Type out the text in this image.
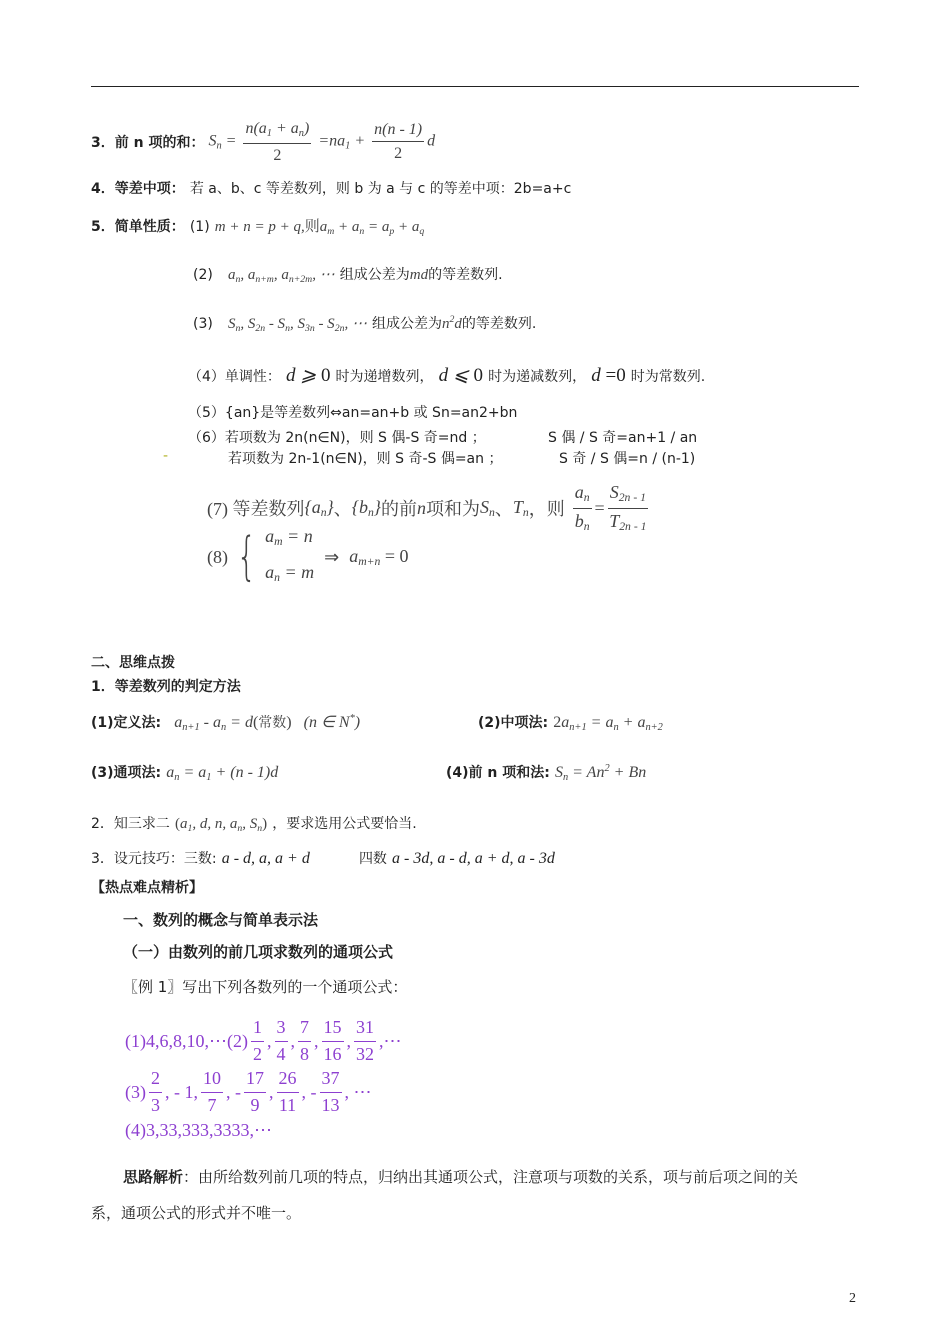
3．前 n 项的和： $S_n = \frac{n(a_1 + a_n)}{2} =na_1 + \frac{n(n - 1)}{2}$ d
4．等差中项： 若 a、b、c 等差数列，则 b 为 a 与 c 的等差中项：2b=a+c
5．简单性质： (1) m + n = p + q,则$a_m + a_n = a_p + a_q$
(2) $a_n$, $a_{n+m}$, $a_{n+2m}$, ⋯ 组成公差为md的等差数列.
(3) $S_n$, $S_{2n} - S_n$, $S_{3n} - S_{2n}$, ⋯ 组成公差为$n^2d$的等差数列.
（4）单调性： d ⩾ 0 时为递增数列， d ⩽ 0 时为递减数列， d =0 时为常数列.
（5）{an}是等差数列⇔an=an+b 或 Sn=an2+bn
（6）若项数为 2n(n∈N)，则 S 偶-S 奇=nd ；	S 偶 / S 奇=an+1 / an
-	若项数为 2n-1(n∈N)，则 S 奇-S 偶=an ；	S 奇 / S 偶=n / (n-1)
(7) 等差数列 $\{a_n\}$ 、 $\{b_n\}$ 的前 n 项和为 $S_n$ 、 $T_n$ ，则 $\frac{a_n}{b_n} = \frac{S_{2n - 1}}{T_{2n - 1}}$
(8) { $a_m = n$
$a_n = m$
⇒ $a_{m+n} = 0$
二、思维点拨
1．等差数列的判定方法
(1)定义法: $a_{n+1} - a_n = d$(常数)   (n ∈ N*)	(2)中项法: $2a_{n+1} = a_n + a_{n+2}$
(3)通项法: $a_n = a_1 + (n - 1)d$	(4)前 n 项和法: $S_n = An^2 + Bn$
2．知三求二 ($a_1$, d, n, $a_n$, $S_n$) ，要求选用公式要恰当.
3．设元技巧：三数: a - d, a, a + d	四数 a - 3d, a - d, a + d, a - 3d
【热点难点精析】
一、数列的概念与简单表示法
（一）由数列的前几项求数列的通项公式
〖例 1〗写出下列各数列的一个通项公式：
(1)4,6,8,10,⋯ $(2) \frac{1}{2}$ , $\frac{3}{4}$ , $\frac{7}{8}$ , $\frac{15}{16}$ , $\frac{31}{32}$ , ⋯
$(3) \frac{2}{3}$ , - 1, $\frac{10}{7}$ , - $\frac{17}{9}$ , $\frac{26}{11}$ , - $\frac{37}{13}$ , ⋯
(4)3,33,333,3333,⋯
思路解析：由所给数列前几项的特点，归纳出其通项公式，注意项与项数的关系，项与前后项之间的关
系，通项公式的形式并不唯一。
2
